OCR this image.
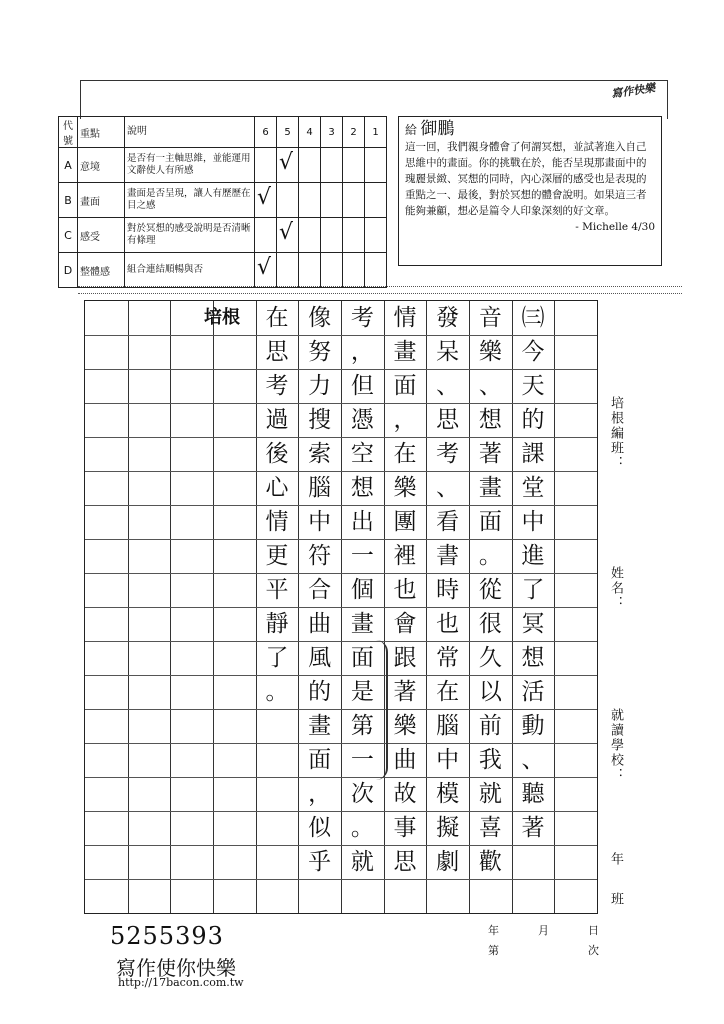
寫作快樂
代號	重點	說明	6	5	4	3	2	1
A	意境	是否有一主軸思維，並能運用文辭使人有所感		√				

B	畫面	畫面是否呈現，讓人有歷歷在目之感	√					

C	感受	對於冥想的感受說明是否清晰有條理		√				

D	整體感	組合連結順暢與否	√					

給 御鵬
這一回，我們親身體會了何謂冥想，並試著進入自己思維中的畫面。你的挑戰在於，能否呈現那畫面中的瑰麗景緻、冥想的同時，內心深層的感受也是表現的重點之一、最後，對於冥想的體會說明。如果這三者能夠兼顧，想必是篇令人印象深刻的好文章。
- Michelle 4/30
㈢
今
天
的
課
堂
中
進
了
冥
想
活
動
、
聽
著
音
樂
、
想
著
畫
面
。
從
很
久
以
前
我
就
喜
歡
發
呆
、
思
考
、
看
書
時
也
常
在
腦
中
模
擬
劇
情
畫
面
，
在
樂
團
裡
也
會
跟
著
樂
曲
故
事
思
考
，
但
憑
空
想
出
一
個
畫
面
是
第
一
次
。
就
像
努
力
搜
索
腦
中
符
合
曲
風
的
畫
面
，
似
乎
在
思
考
過
後
心
情
更
平
靜
了
。
培根
培根編班：
姓名：
就讀學校：
年
班
5255393
寫作使你快樂
http://17bacon.com.tw
年	月	日
第	次
